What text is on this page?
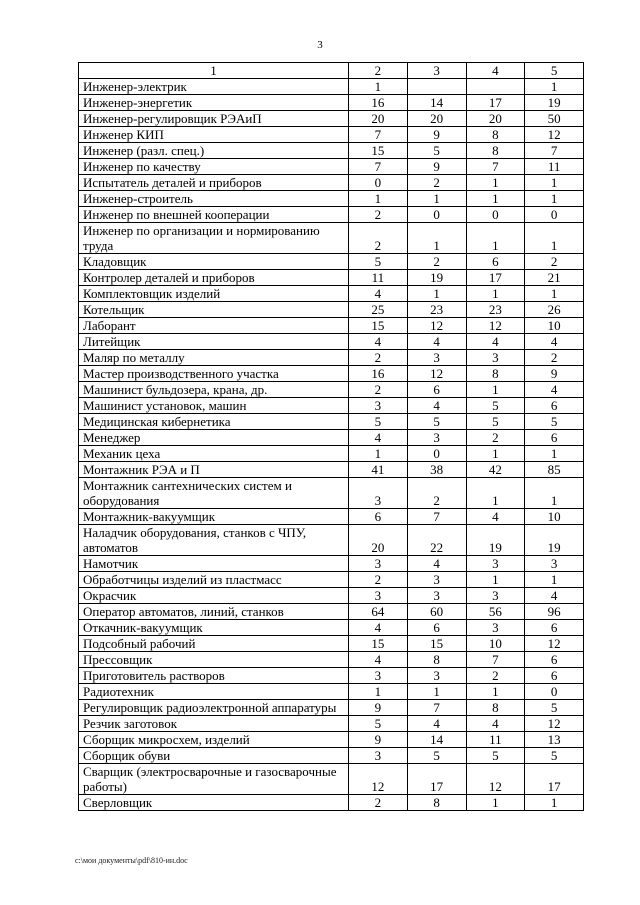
3
1	2	3	4	5
Инженер-электрик	1			1
Инженер-энергетик	16	14	17	19
Инженер-регулировщик РЭАиП	20	20	20	50
Инженер КИП	7	9	8	12
Инженер (разл. спец.)	15	5	8	7
Инженер по качеству	7	9	7	11
Испытатель деталей и приборов	0	2	1	1
Инженер-строитель	1	1	1	1
Инженер по внешней кооперации	2	0	0	0
Инженер по организации и нормированию труда	2	1	1	1
Кладовщик	5	2	6	2
Контролер деталей и приборов	11	19	17	21
Комплектовщик изделий	4	1	1	1
Котельщик	25	23	23	26
Лаборант	15	12	12	10
Литейщик	4	4	4	4
Маляр по металлу	2	3	3	2
Мастер производственного участка	16	12	8	9
Машинист бульдозера, крана, др.	2	6	1	4
Машинист установок, машин	3	4	5	6
Медицинская кибернетика	5	5	5	5
Менеджер	4	3	2	6
Механик цеха	1	0	1	1
Монтажник РЭА и П	41	38	42	85
Монтажник сантехнических систем и оборудования	3	2	1	1
Монтажник-вакуумщик	6	7	4	10
Наладчик оборудования, станков с ЧПУ, автоматов	20	22	19	19
Намотчик	3	4	3	3
Обработчицы изделий из пластмасс	2	3	1	1
Окрасчик	3	3	3	4
Оператор автоматов, линий, станков	64	60	56	96
Откачник-вакуумщик	4	6	3	6
Подсобный рабочий	15	15	10	12
Прессовщик	4	8	7	6
Приготовитель растворов	3	3	2	6
Радиотехник	1	1	1	0
Регулировщик радиоэлектронной аппаратуры	9	7	8	5
Резчик заготовок	5	4	4	12
Сборщик микросхем, изделий	9	14	11	13
Сборщик обуви	3	5	5	5
Сварщик (электросварочные и газосварочные работы)	12	17	12	17
Сверловщик	2	8	1	1
c:\мои документы\pdf\810-ин.doc
